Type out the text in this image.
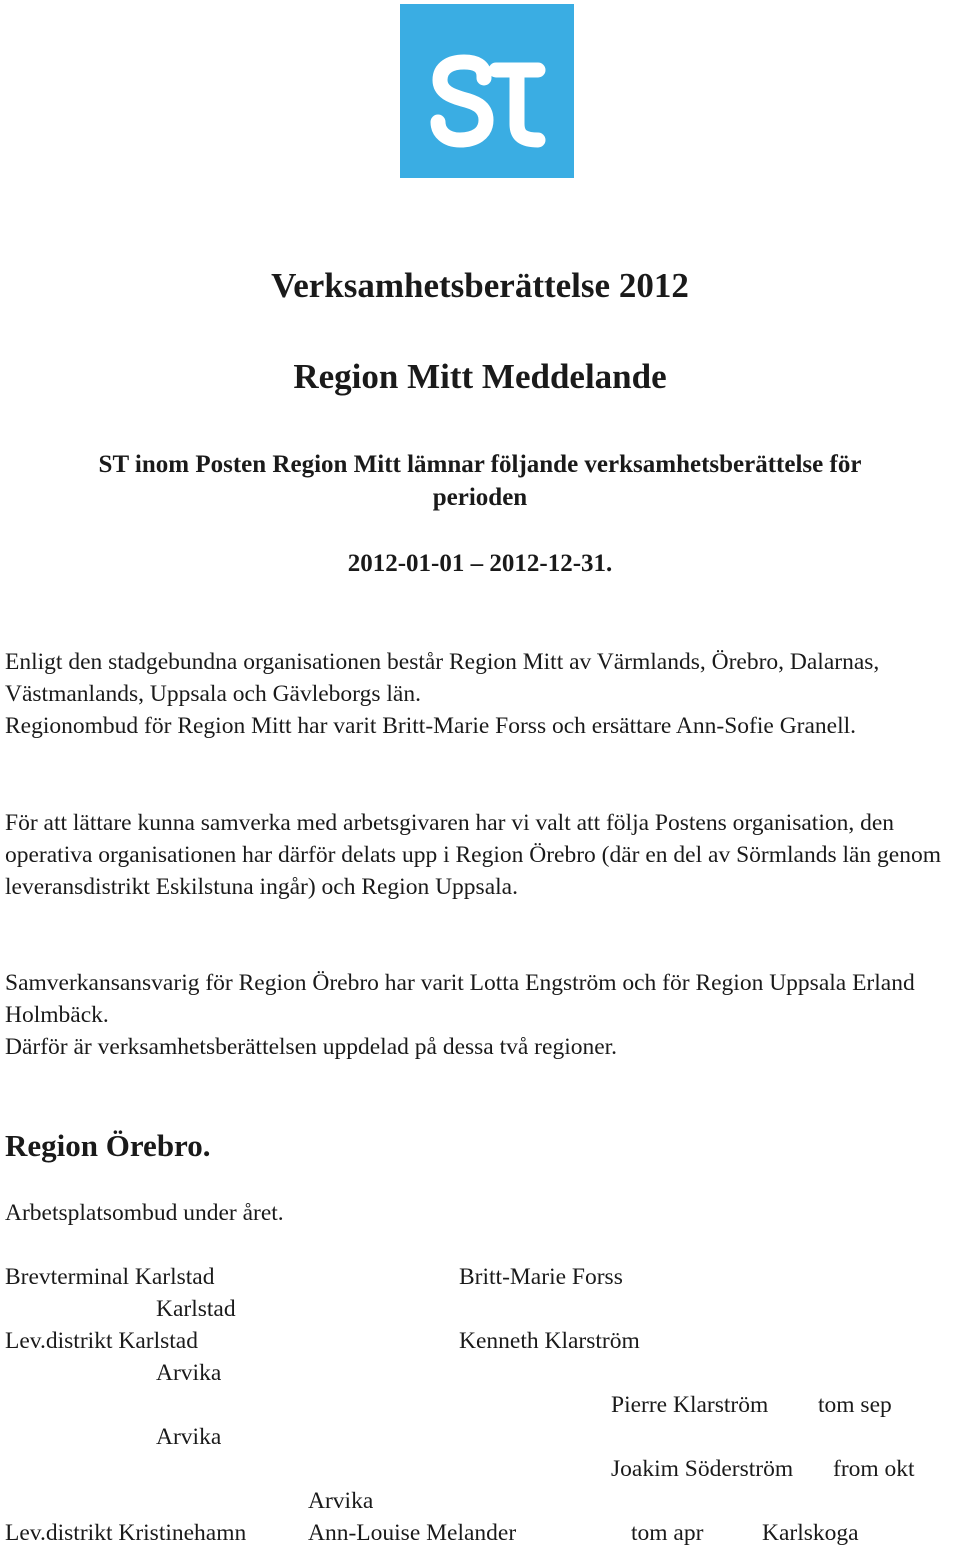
Verksamhetsberättelse 2012
Region Mitt Meddelande
ST inom Posten Region Mitt lämnar följande verksamhetsberättelse för
perioden
2012-01-01 – 2012-12-31.

Enligt den stadgebundna organisationen består Region Mitt av Värmlands, Örebro, Dalarnas, Västmanlands, Uppsala och Gävleborgs län.

Regionombud för Region Mitt har varit Britt-Marie Forss och ersättare Ann-Sofie Granell.

För att lättare kunna samverka med arbetsgivaren har vi valt att följa Postens organisation, den operativa organisationen har därför delats upp i Region Örebro (där en del av Sörmlands län genom leveransdistrikt Eskilstuna ingår) och Region Uppsala.

Samverkansansvarig för Region Örebro har varit Lotta Engström och för Region Uppsala Erland Holmbäck.

Därför är verksamhetsberättelsen uppdelad på dessa två regioner.

Region Örebro.
Arbetsplatsombud under året.
Brevterminal Karlstad	Britt-Marie Forss
Karlstad
Lev.distrikt Karlstad	Kenneth Klarström
Arvika
Pierre Klarström tom sep
Arvika
Joakim Söderström from okt
Arvika
Lev.distrikt Kristinehamn	Ann-Louise Melander	tom apr Karlskoga
